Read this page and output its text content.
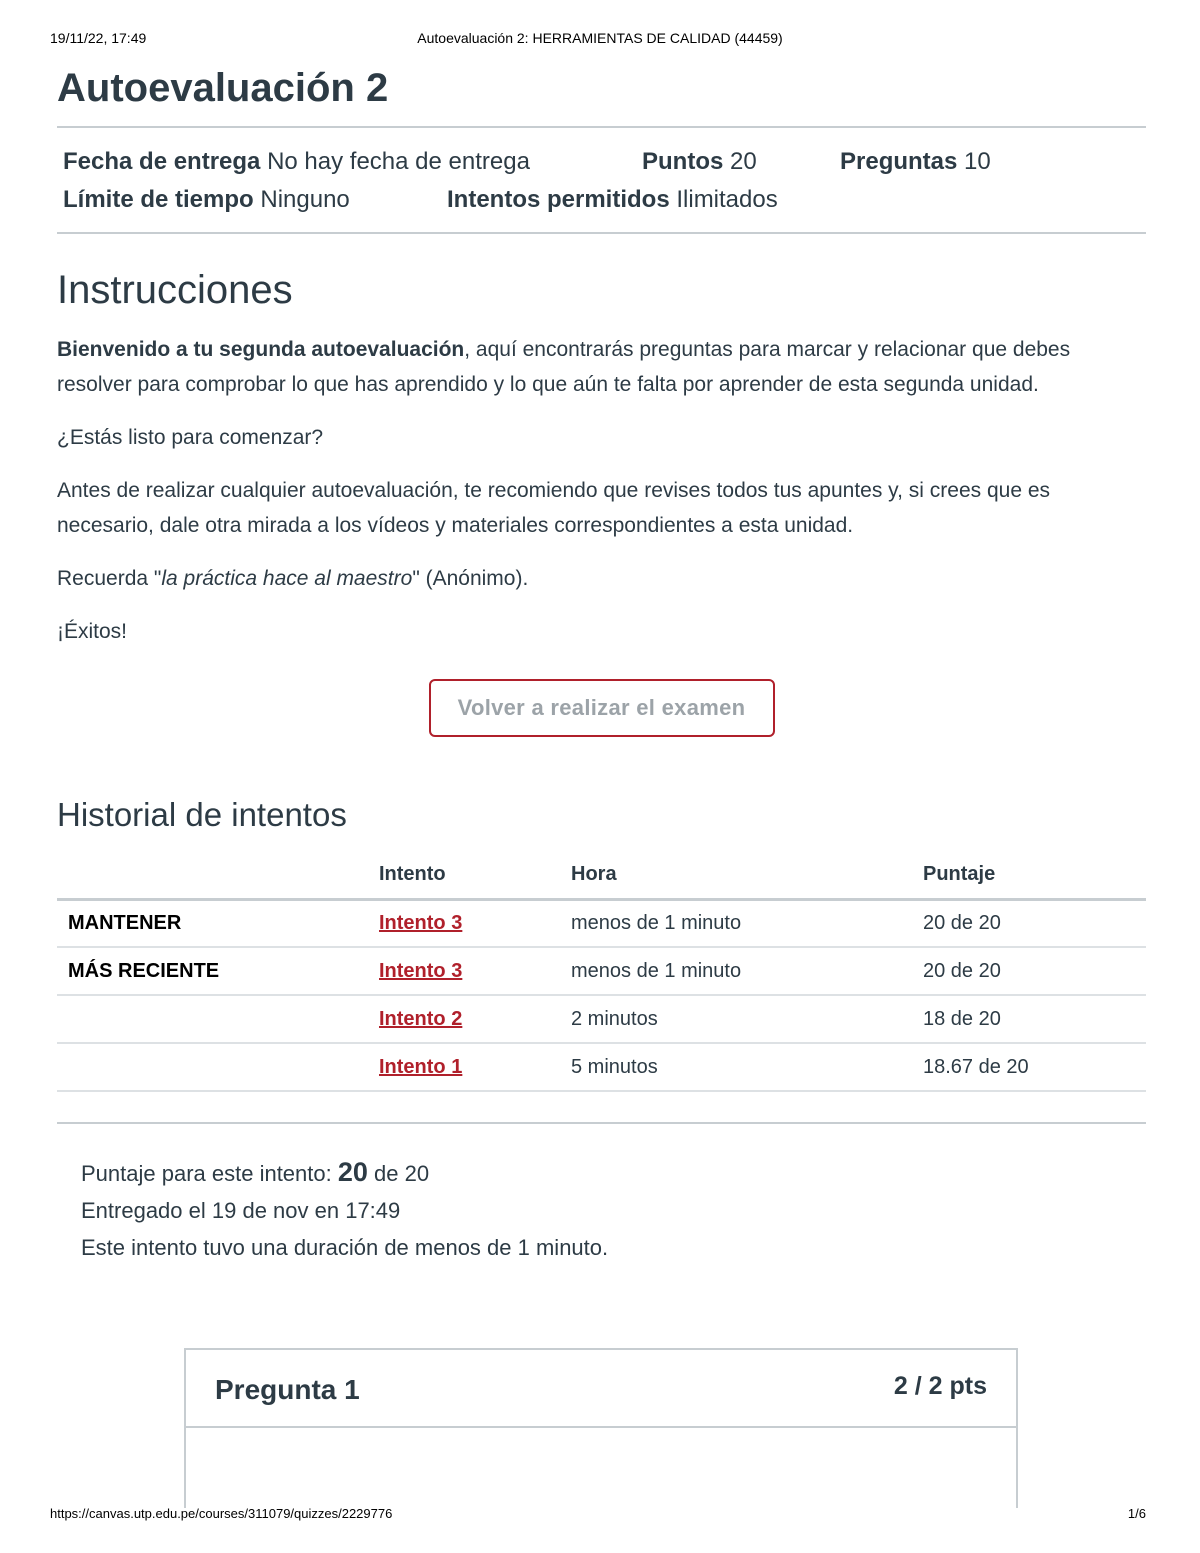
19/11/22, 17:49	Autoevaluación 2: HERRAMIENTAS DE CALIDAD (44459)
Autoevaluación 2
Fecha de entrega No hay fecha de entrega	Puntos 20	Preguntas 10
Límite de tiempo Ninguno	Intentos permitidos Ilimitados
Instrucciones

Bienvenido a tu segunda autoevaluación, aquí encontrarás preguntas para marcar y relacionar que debes resolver para comprobar lo que has aprendido y lo que aún te falta por aprender de esta segunda unidad.

¿Estás listo para comenzar?

Antes de realizar cualquier autoevaluación, te recomiendo que revises todos tus apuntes y, si crees que es necesario, dale otra mirada a los vídeos y materiales correspondientes a esta unidad.

Recuerda "la práctica hace al maestro" (Anónimo).

¡Éxitos!

Volver a realizar el examen
Historial de intentos
	Intento	Hora	Puntaje
MANTENER	Intento 3	menos de 1 minuto	20 de 20
MÁS RECIENTE	Intento 3	menos de 1 minuto	20 de 20
	Intento 2	2 minutos	18 de 20
	Intento 1	5 minutos	18.67 de 20
Puntaje para este intento: 20 de 20
Entregado el 19 de nov en 17:49
Este intento tuvo una duración de menos de 1 minuto.
Pregunta 1	2 / 2 pts
https://canvas.utp.edu.pe/courses/311079/quizzes/2229776	1/6
